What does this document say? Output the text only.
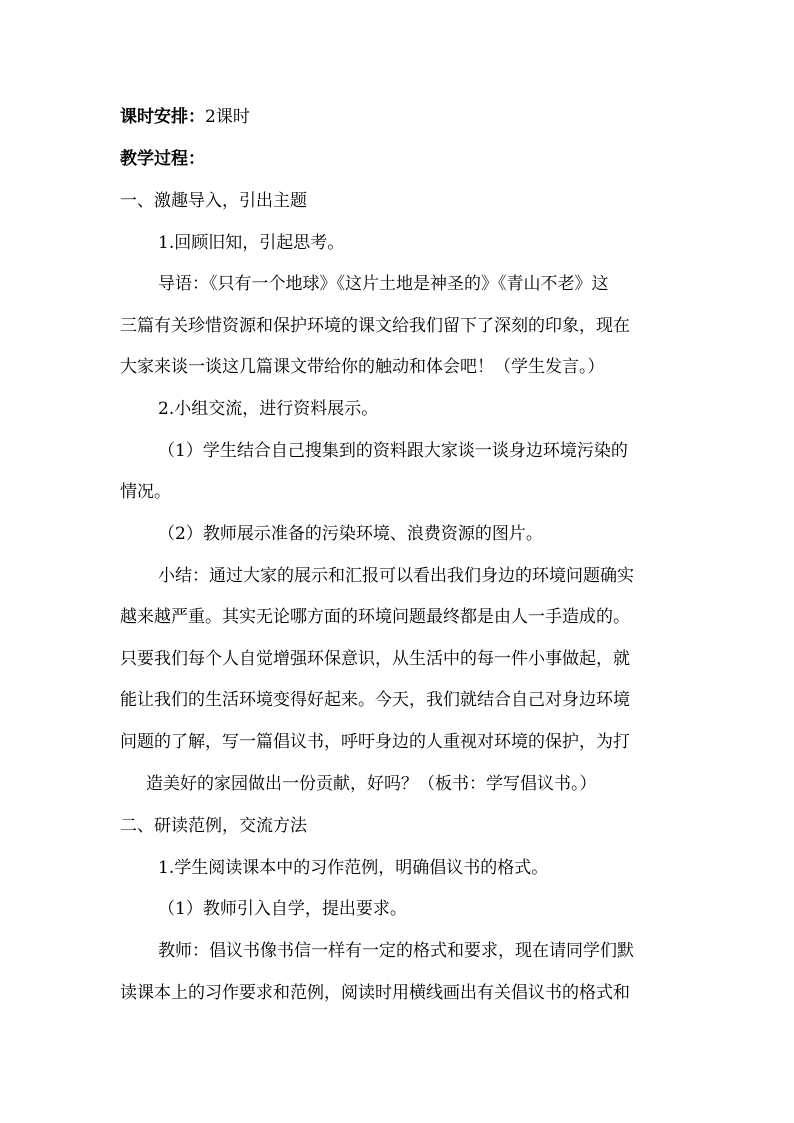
课时安排：2课时
教学过程：
一、激趣导入，引出主题
1.回顾旧知，引起思考。
导语：《只有一个地球》《这片土地是神圣的》《青山不老》这
三篇有关珍惜资源和保护环境的课文给我们留下了深刻的印象，现在
大家来谈一谈这几篇课文带给你的触动和体会吧！（学生发言。）
2.小组交流，进行资料展示。
（1）学生结合自己搜集到的资料跟大家谈一谈身边环境污染的
情况。
（2）教师展示准备的污染环境、浪费资源的图片。
小结：通过大家的展示和汇报可以看出我们身边的环境问题确实
越来越严重。其实无论哪方面的环境问题最终都是由人一手造成的。
只要我们每个人自觉增强环保意识，从生活中的每一件小事做起，就
能让我们的生活环境变得好起来。今天，我们就结合自己对身边环境
问题的了解，写一篇倡议书，呼吁身边的人重视对环境的保护，为打
造美好的家园做出一份贡献，好吗？（板书：学写倡议书。）
二、研读范例，交流方法
1.学生阅读课本中的习作范例，明确倡议书的格式。
（1）教师引入自学，提出要求。
教师：倡议书像书信一样有一定的格式和要求，现在请同学们默
读课本上的习作要求和范例，阅读时用横线画出有关倡议书的格式和
